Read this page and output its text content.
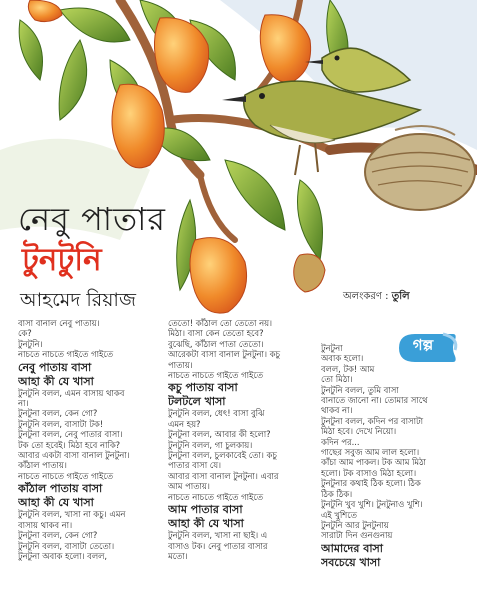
নেবু পাতার
টুনটুনি
আহমেদ রিয়াজ	অলংকরণ : তুলি
গল্প

বাসা বানাল নেবু পাতায়।

কে?

টুনটুনি।

নাচতে নাচতে গাইতে গাইতে

নেবু পাতায় বাসা
আহা কী যে খাসা

টুনটুনি বলল, এমন বাসায় থাকব

না।

টুনটুনা বলল, কেন গো?

টুনটুনি বলল, বাসাটা টক!

টুনটুনা বলল, নেবু পাতার বাসা।

টক তো হবেই। মিঠা হবে নাকি?

আবার একটা বাসা বানাল টুনটুনা।

কাঁঠাল পাতায়।

নাচতে নাচতে গাইতে গাইতে

কাঁঠাল পাতায় বাসা
আহা কী যে খাসা

টুনটুনি বলল, খাসা না কচু। এমন

বাসায় থাকব না।

টুনটুনা বলল, কেন গো?

টুনটুনি বলল, বাসাটা তেতো।

টুনটুনা অবাক হলো। বলল,

তেতো! কাঁঠাল তো তেতো নয়।

মিঠা। বাসা কেন তেতো হবে?

বুঝেছি, কাঁঠাল পাতা তেতো।

আরেকটা বাসা বানাল টুনটুনা। কচু

পাতায়।

নাচতে নাচতে গাইতে গাইতে

কচু পাতায় বাসা
টলটলে খাসা

টুনটুনি বলল, ধেৎ! বাসা বুঝি

এমন হয়?

টুনটুনা বলল, আবার কী হলো?

টুনটুনি বলল, গা চুলকায়।

টুনটুনা বলল, চুলকাবেই তো। কচু

পাতার বাসা যে।

আবার বাসা বানাল টুনটুনা। এবার

আম পাতায়।

নাচতে নাচতে গাইতে গাইতে

আম পাতার বাসা
আহা কী যে খাসা

টুনটুনি বলল, খাসা না ছাই। এ

বাসাও টক। নেবু পাতার বাসার

মতো।

টুনটুনা

অবাক হলো।

বলল, টক! আম

তো মিঠা।

টুনটুনি বলল, তুমি বাসা

বানাতে জানো না। তোমার সাথে

থাকব না।

টুনটুনা বলল, কদিন পর বাসাটা

মিঠা হবে। দেখে নিয়ো।

কদিন পর...

গাছের সবুজ আম লাল হলো।

কাঁচা আম পাকল। টক আম মিঠা

হলো। টক বাসাও মিঠা হলো।

টুনটুনার কথাই ঠিক হলো। ঠিক

ঠিক ঠিক।

টুনটুনি খুব খুশি। টুনটুনাও খুশি।

এই খুশিতে

টুনটুনি আর টুনটুনায়

সারাটা দিন গুনগুনায়

আমাদের বাসা
সবচেয়ে খাসা
